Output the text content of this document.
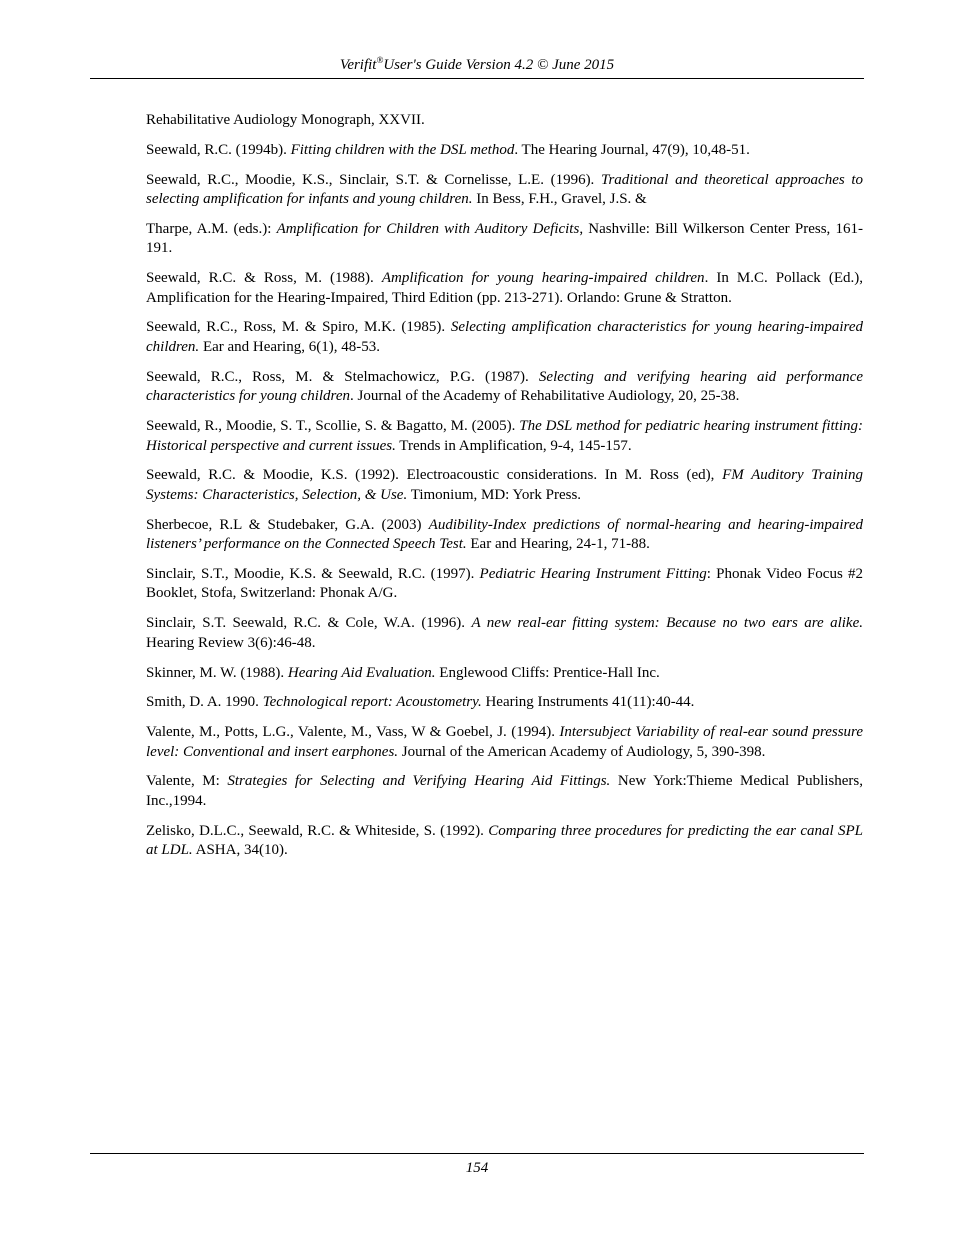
Verifit®User's Guide Version 4.2 © June 2015

Rehabilitative Audiology Monograph, XXVII.

Seewald, R.C. (1994b). Fitting children with the DSL method. The Hearing Journal, 47(9), 10,48-51.

Seewald, R.C., Moodie, K.S., Sinclair, S.T. & Cornelisse, L.E. (1996). Traditional and theoretical approaches to selecting amplification for infants and young children. In Bess, F.H., Gravel, J.S. &

Tharpe, A.M. (eds.): Amplification for Children with Auditory Deficits, Nashville: Bill Wilkerson Center Press, 161-191.

Seewald, R.C. & Ross, M. (1988). Amplification for young hearing-impaired children. In M.C. Pollack (Ed.), Amplification for the Hearing-Impaired, Third Edition (pp. 213-271). Orlando: Grune & Stratton.

Seewald, R.C., Ross, M. & Spiro, M.K. (1985). Selecting amplification characteristics for young hearing-impaired children. Ear and Hearing, 6(1), 48-53.

Seewald, R.C., Ross, M. & Stelmachowicz, P.G. (1987). Selecting and verifying hearing aid performance characteristics for young children. Journal of the Academy of Rehabilitative Audiology, 20, 25-38.

Seewald, R., Moodie, S. T., Scollie, S. & Bagatto, M. (2005). The DSL method for pediatric hearing instrument fitting: Historical perspective and current issues. Trends in Amplification, 9-4, 145-157.

Seewald, R.C. & Moodie, K.S. (1992). Electroacoustic considerations. In M. Ross (ed), FM Auditory Training Systems: Characteristics, Selection, & Use. Timonium, MD: York Press.

Sherbecoe, R.L & Studebaker, G.A. (2003) Audibility-Index predictions of normal-hearing and hearing-impaired listeners’ performance on the Connected Speech Test. Ear and Hearing, 24-1, 71-88.

Sinclair, S.T., Moodie, K.S. & Seewald, R.C. (1997). Pediatric Hearing Instrument Fitting: Phonak Video Focus #2 Booklet, Stofa, Switzerland: Phonak A/G.

Sinclair, S.T. Seewald, R.C. & Cole, W.A. (1996). A new real-ear fitting system: Because no two ears are alike. Hearing Review 3(6):46-48.

Skinner, M. W. (1988). Hearing Aid Evaluation. Englewood Cliffs: Prentice-Hall Inc.

Smith, D. A. 1990. Technological report: Acoustometry. Hearing Instruments 41(11):40-44.

Valente, M., Potts, L.G., Valente, M., Vass, W & Goebel, J. (1994). Intersubject Variability of real-ear sound pressure level: Conventional and insert earphones. Journal of the American Academy of Audiology, 5, 390-398.

Valente, M: Strategies for Selecting and Verifying Hearing Aid Fittings. New York:Thieme Medical Publishers, Inc.,1994.

Zelisko, D.L.C., Seewald, R.C. & Whiteside, S. (1992). Comparing three procedures for predicting the ear canal SPL at LDL. ASHA, 34(10).

154
